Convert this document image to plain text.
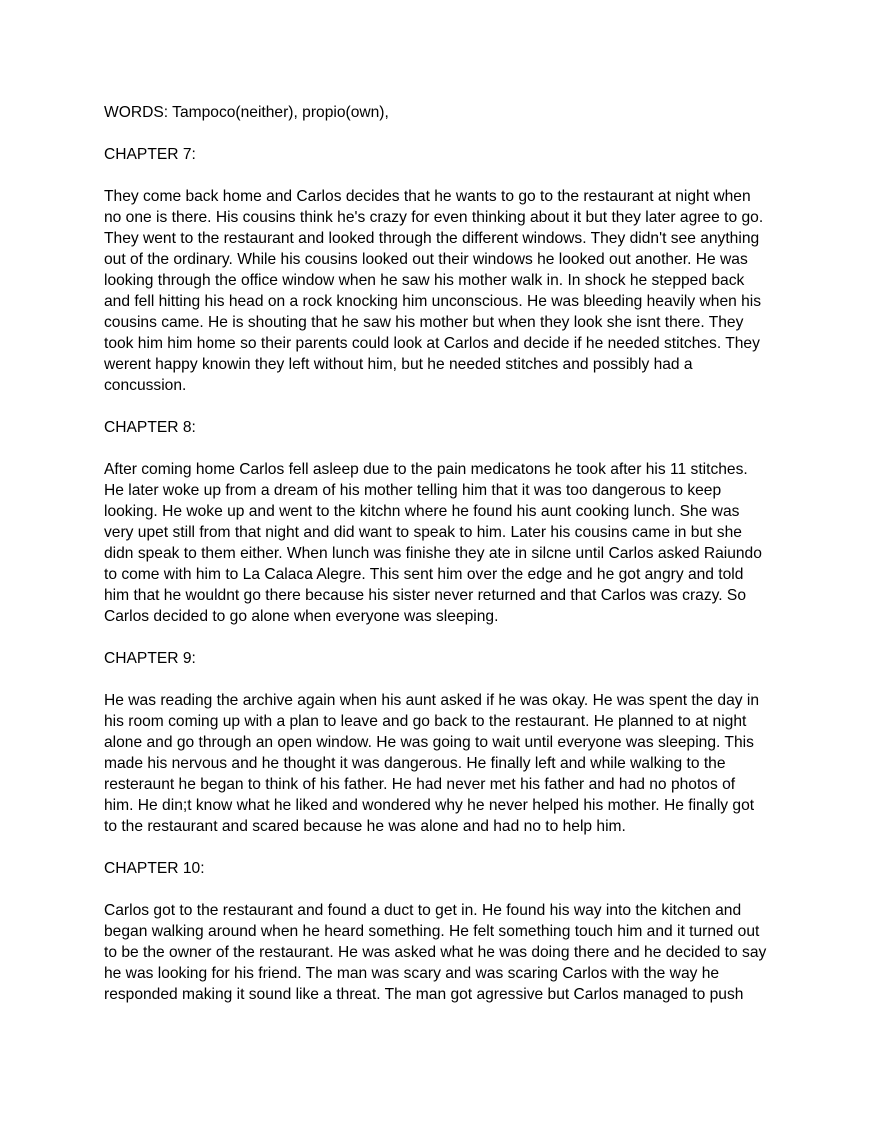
WORDS: Tampoco(neither), propio(own),
CHAPTER 7:
They come back home and Carlos decides that he wants to go to the restaurant at night when
no one is there. His cousins think he's crazy for even thinking about it but they later agree to go.
They went to the restaurant and looked through the different windows. They didn't see anything
out of the ordinary. While his cousins looked out their windows he looked out another. He was
looking through the office window when he saw his mother walk in. In shock he stepped back
and fell hitting his head on a rock knocking him unconscious. He was bleeding heavily when his
cousins came. He is shouting that he saw his mother but when they look she isnt there. They
took him him home so their parents could look at Carlos and decide if he needed stitches. They
werent happy knowin they left without him, but he needed stitches and possibly had a
concussion.
CHAPTER 8:
After coming home Carlos fell asleep due to the pain medicatons he took after his 11 stitches.
He later woke up from a dream of his mother telling him that it was too dangerous to keep
looking. He woke up and went to the kitchn where he found his aunt cooking lunch. She was
very upet still from that night and did want to speak to him. Later his cousins came in but she
didn speak to them either. When lunch was finishe they ate in silcne until Carlos asked Raiundo
to come with him to La Calaca Alegre. This sent him over the edge and he got angry and told
him that he wouldnt go there because his sister never returned and that Carlos was crazy. So
Carlos decided to go alone when everyone was sleeping.
CHAPTER 9:
He was reading the archive again when his aunt asked if he was okay. He was spent the day in
his room coming up with a plan to leave and go back to the restaurant. He planned to at night
alone and go through an open window. He was going to wait until everyone was sleeping. This
made his nervous and he thought it was dangerous. He finally left and while walking to the
resteraunt he began to think of his father. He had never met his father and had no photos of
him. He din;t know what he liked and wondered why he never helped his mother. He finally got
to the restaurant and scared because he was alone and had no to help him.
CHAPTER 10:
Carlos got to the restaurant and found a duct to get in. He found his way into the kitchen and
began walking around when he heard something. He felt something touch him and it turned out
to be the owner of the restaurant. He was asked what he was doing there and he decided to say
he was looking for his friend. The man was scary and was scaring Carlos with the way he
responded making it sound like a threat. The man got agressive but Carlos managed to push
